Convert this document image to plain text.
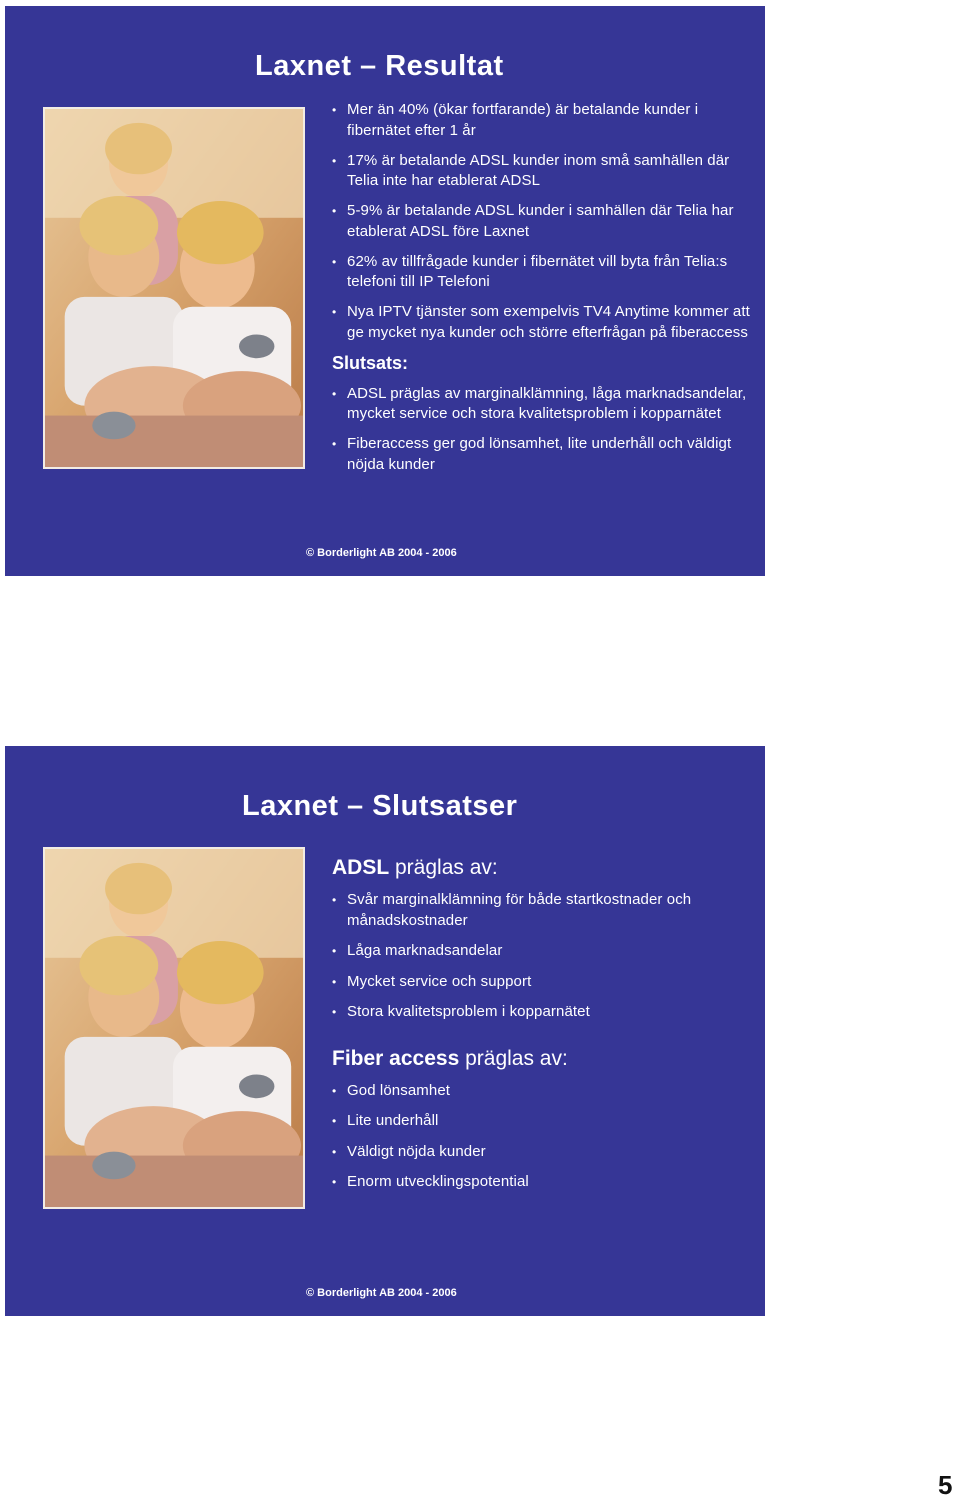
Laxnet – Resultat
• Mer än 40% (ökar fortfarande) är betalande kunder i fibernätet efter 1 år
• 17% är betalande ADSL kunder inom små samhällen där Telia inte har etablerat ADSL
• 5-9% är betalande ADSL kunder i samhällen där Telia har etablerat ADSL före Laxnet
• 62% av tillfrågade kunder i fibernätet vill byta från Telia:s telefoni till IP Telefoni
• Nya IPTV tjänster som exempelvis TV4 Anytime kommer att ge mycket nya kunder och större efterfrågan på fiberaccess
Slutsats:
• ADSL präglas av marginalklämning, låga marknadsandelar, mycket service och stora kvalitetsproblem i kopparnätet
• Fiberaccess ger god lönsamhet, lite underhåll och väldigt nöjda kunder
© Borderlight AB 2004 - 2006
Laxnet – Slutsatser
ADSL präglas av:
• Svår marginalklämning för både startkostnader och månadskostnader
• Låga marknadsandelar
• Mycket service och support
• Stora kvalitetsproblem i kopparnätet
Fiber access präglas av:
• God lönsamhet
• Lite underhåll
• Väldigt nöjda kunder
• Enorm utvecklingspotential
© Borderlight AB 2004 - 2006
5
